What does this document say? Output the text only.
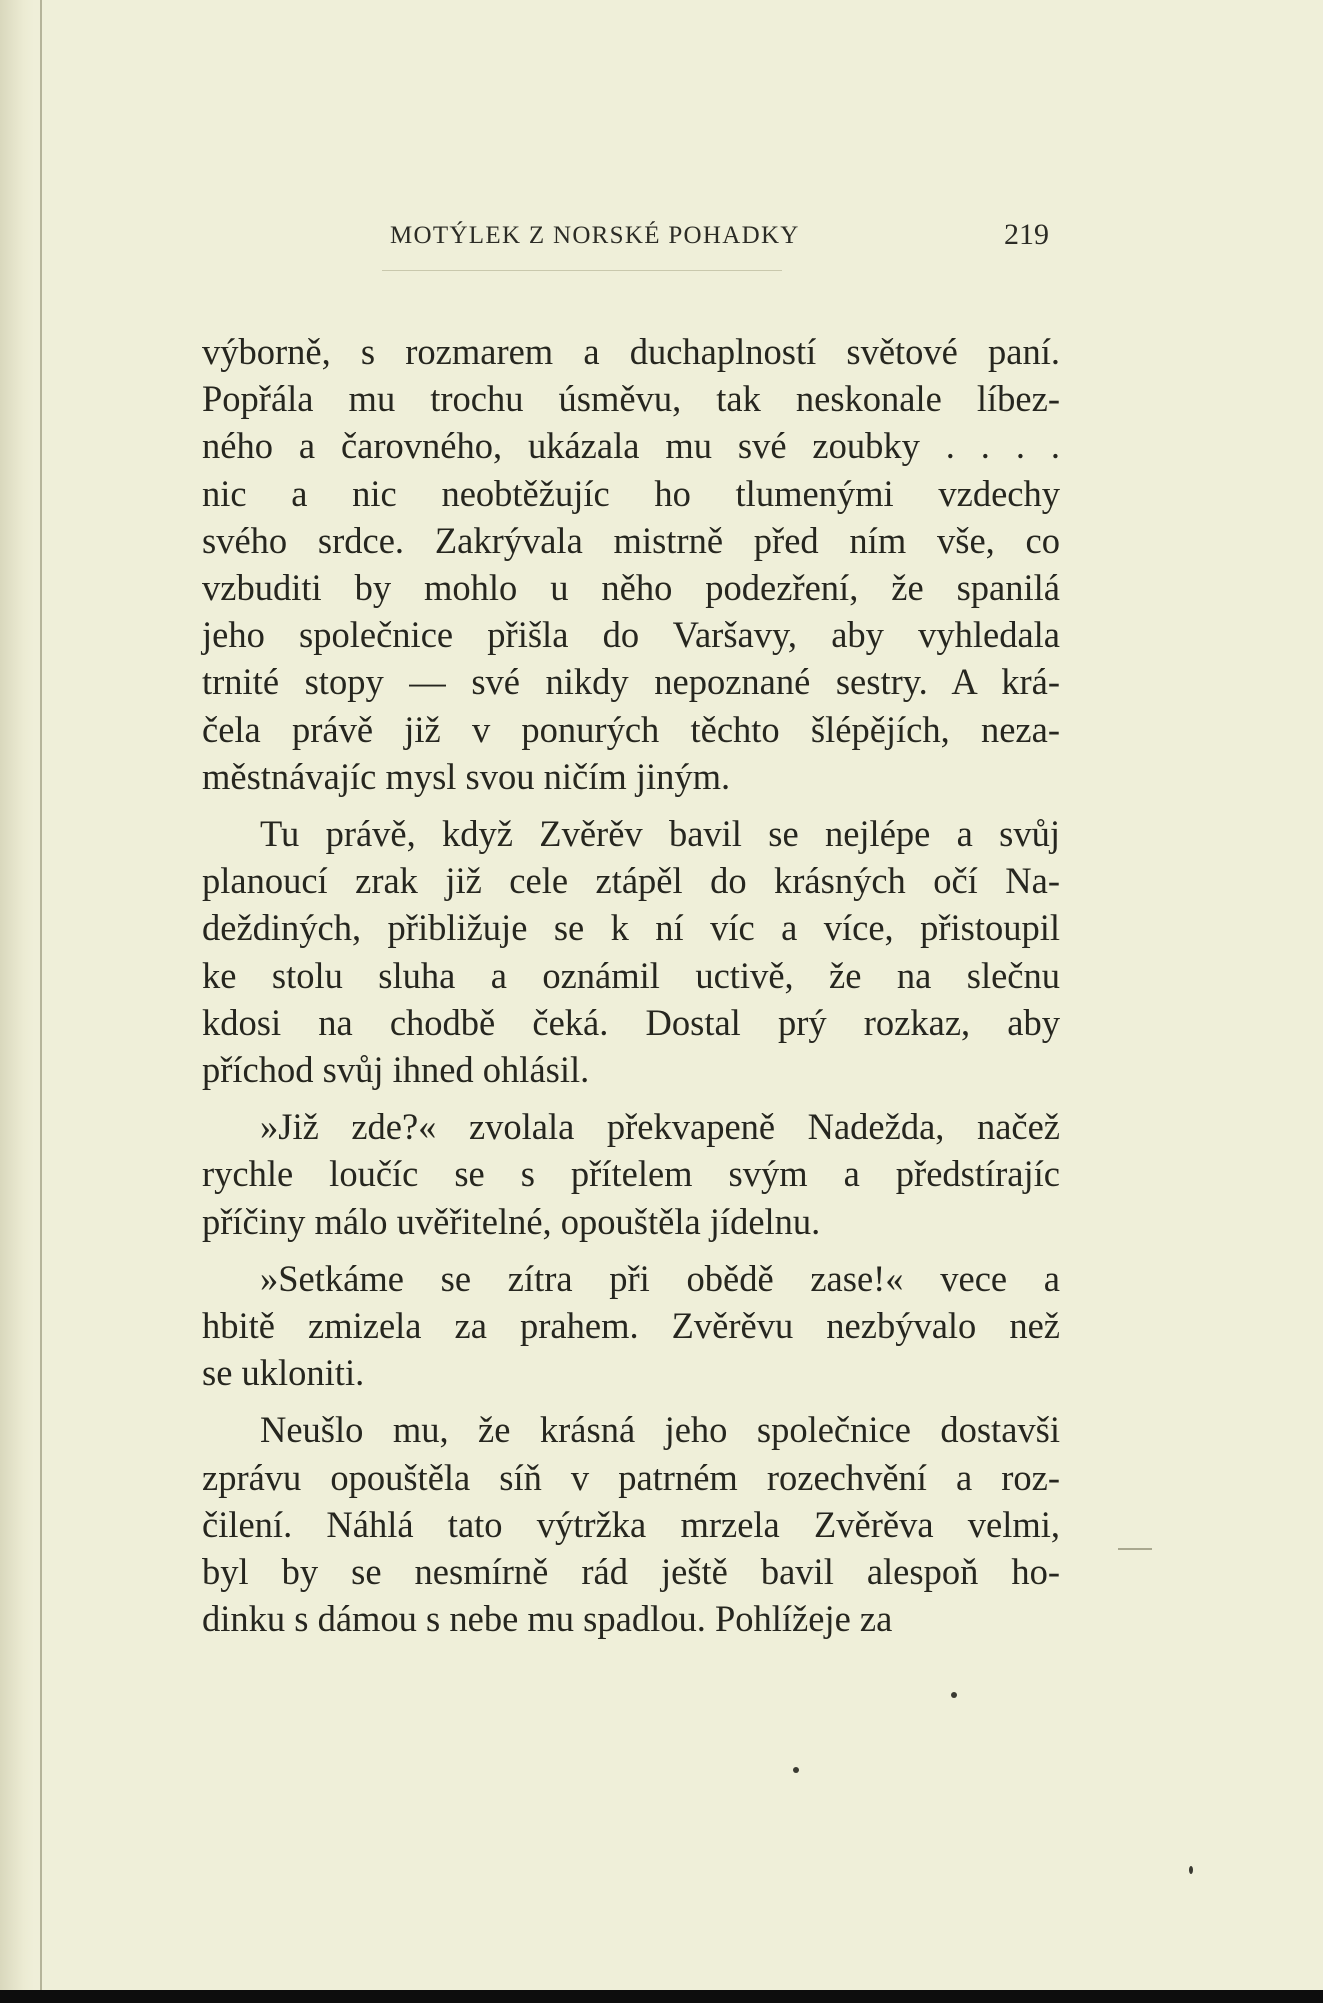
MOTÝLEK Z NORSKÉ POHADKY	219

výborně, s rozmarem a duchaplností světové paní.

Popřála mu trochu úsměvu, tak neskonale líbez-

ného a čarovného, ukázala mu své zoubky . . . .

nic a nic neobtěžujíc ho tlumenými vzdechy

svého srdce. Zakrývala mistrně před ním vše, co

vzbuditi by mohlo u něho podezření, že spanilá

jeho společnice přišla do Varšavy, aby vyhledala

trnité stopy — své nikdy nepoznané sestry. A krá-

čela právě již v ponurých těchto šlépějích, neza-

městnávajíc mysl svou ničím jiným.

Tu právě, když Zvěrěv bavil se nejlépe a svůj

planoucí zrak již cele ztápěl do krásných očí Na-

deždiných, přibližuje se k ní víc a více, přistoupil

ke stolu sluha a oznámil uctivě, že na slečnu

kdosi na chodbě čeká. Dostal prý rozkaz, aby

příchod svůj ihned ohlásil.

»Již zde?« zvolala překvapeně Nadežda, načež

rychle loučíc se s přítelem svým a předstírajíc

příčiny málo uvěřitelné, opouštěla jídelnu.

»Setkáme se zítra při obědě zase!« vece a

hbitě zmizela za prahem. Zvěrěvu nezbývalo než

se ukloniti.

Neušlo mu, že krásná jeho společnice dostavši

zprávu opouštěla síň v patrném rozechvění a roz-

čilení. Náhlá tato výtržka mrzela Zvěrěva velmi,

byl by se nesmírně rád ještě bavil alespoň ho-

dinku s dámou s nebe mu spadlou. Pohlížeje za
